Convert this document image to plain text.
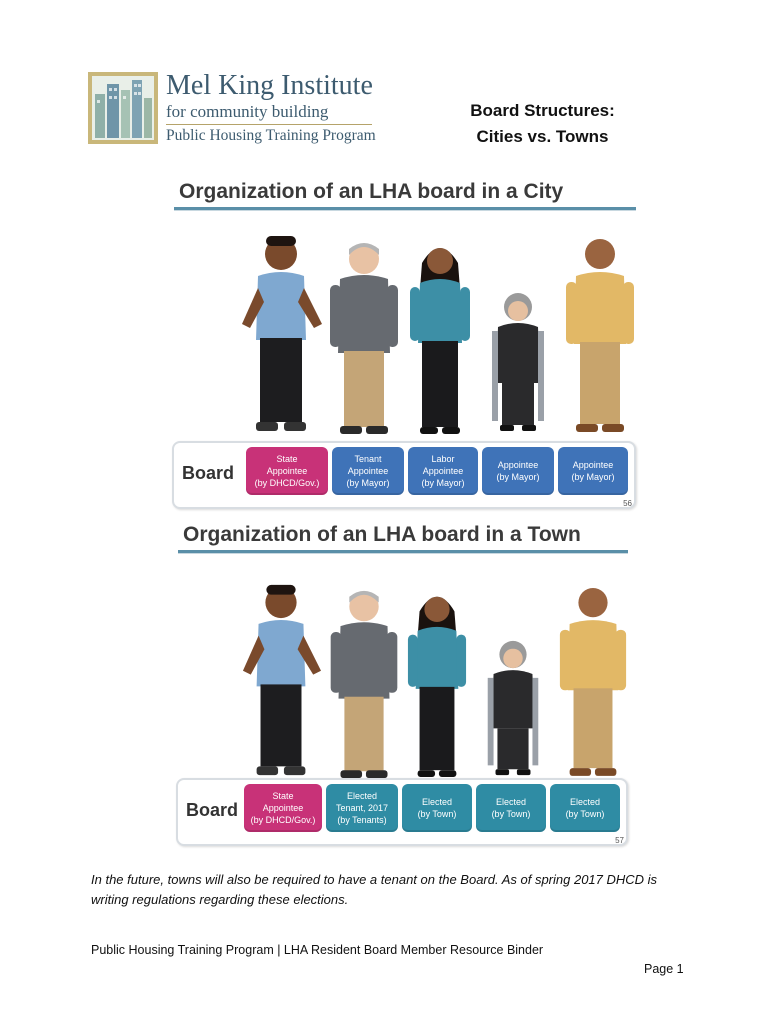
Mel King Institute
for community building
Public Housing Training Program
Board Structures:
Cities vs. Towns
Organization of an LHA board in a City
Board
State
Appointee
(by DHCD/Gov.)
Tenant
Appointee
(by Mayor)
Labor
Appointee
(by Mayor)
Appointee
(by Mayor)
Appointee
(by Mayor)
56
Organization of an LHA board in a Town
Board
State
Appointee
(by DHCD/Gov.)
Elected
Tenant, 2017
(by Tenants)
Elected
(by Town)
Elected
(by Town)
Elected
(by Town)
57
In the future, towns will also be required to have a tenant on the Board. As of spring 2017 DHCD is writing regulations regarding these elections.
Public Housing Training Program | LHA Resident Board Member Resource Binder
Page 1
